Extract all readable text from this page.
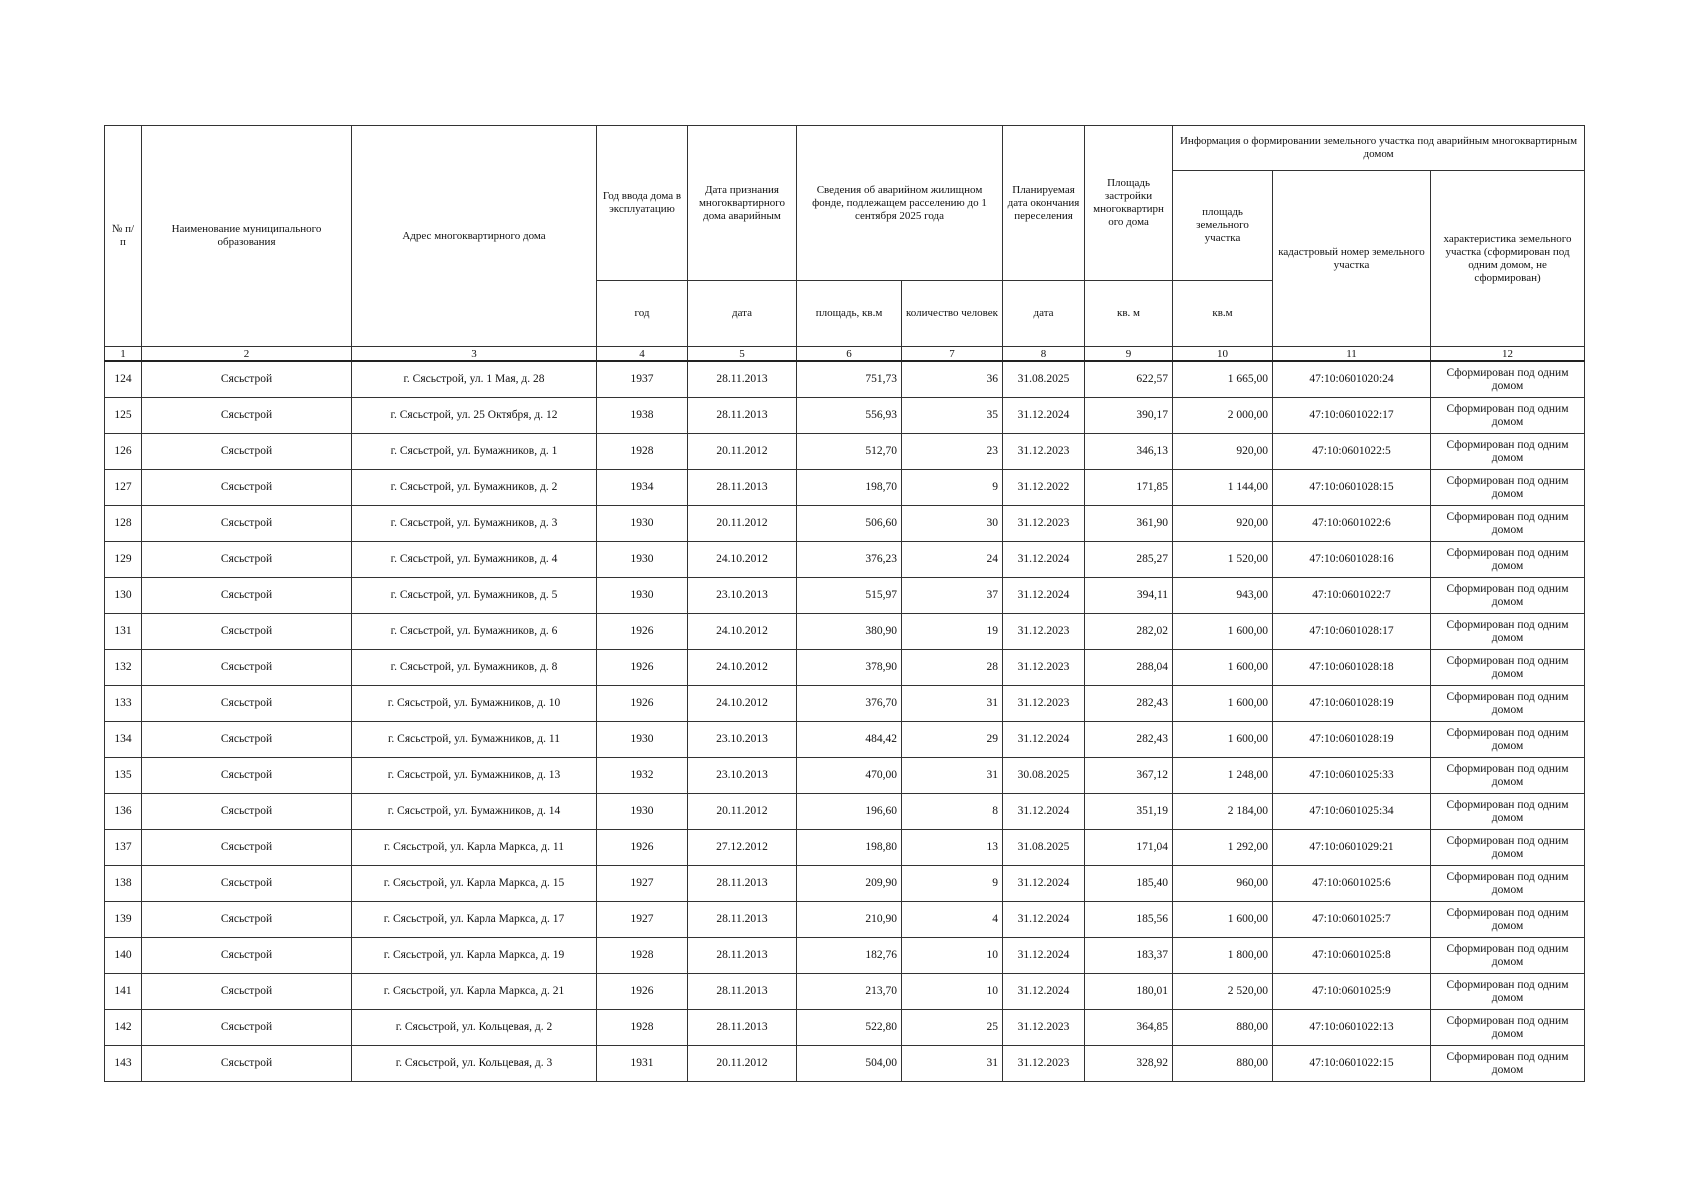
№ п/п	Наименование муниципального образования	Адрес многоквартирного дома	Год ввода дома в эксплуатацию	Дата признания многоквартирного дома аварийным	Сведения об аварийном жилищном фонде, подлежащем расселению до 1 сентября 2025 года		Планируемая дата окончания переселения	Площадь застройки многоквартирн ого дома	Информация о формировании земельного участка под аварийным многоквартирным домом		
									площадь земельного участка	кадастровый номер земельного участка	характеристика земельного участка (сформирован под одним домом, не сформирован)
			год	дата	площадь, кв.м	количество человек	дата	кв. м	кв.м		
1	2	3	4	5	6	7	8	9	10	11	12
124	Сясьстрой	г. Сясьстрой, ул. 1 Мая, д. 28	1937	28.11.2013	751,73	36	31.08.2025	622,57	1 665,00	47:10:0601020:24	Сформирован под одним домом
125	Сясьстрой	г. Сясьстрой, ул. 25 Октября, д. 12	1938	28.11.2013	556,93	35	31.12.2024	390,17	2 000,00	47:10:0601022:17	Сформирован под одним домом
126	Сясьстрой	г. Сясьстрой, ул. Бумажников, д. 1	1928	20.11.2012	512,70	23	31.12.2023	346,13	920,00	47:10:0601022:5	Сформирован под одним домом
127	Сясьстрой	г. Сясьстрой, ул. Бумажников, д. 2	1934	28.11.2013	198,70	9	31.12.2022	171,85	1 144,00	47:10:0601028:15	Сформирован под одним домом
128	Сясьстрой	г. Сясьстрой, ул. Бумажников, д. 3	1930	20.11.2012	506,60	30	31.12.2023	361,90	920,00	47:10:0601022:6	Сформирован под одним домом
129	Сясьстрой	г. Сясьстрой, ул. Бумажников, д. 4	1930	24.10.2012	376,23	24	31.12.2024	285,27	1 520,00	47:10:0601028:16	Сформирован под одним домом
130	Сясьстрой	г. Сясьстрой, ул. Бумажников, д. 5	1930	23.10.2013	515,97	37	31.12.2024	394,11	943,00	47:10:0601022:7	Сформирован под одним домом
131	Сясьстрой	г. Сясьстрой, ул. Бумажников, д. 6	1926	24.10.2012	380,90	19	31.12.2023	282,02	1 600,00	47:10:0601028:17	Сформирован под одним домом
132	Сясьстрой	г. Сясьстрой, ул. Бумажников, д. 8	1926	24.10.2012	378,90	28	31.12.2023	288,04	1 600,00	47:10:0601028:18	Сформирован под одним домом
133	Сясьстрой	г. Сясьстрой, ул. Бумажников, д. 10	1926	24.10.2012	376,70	31	31.12.2023	282,43	1 600,00	47:10:0601028:19	Сформирован под одним домом
134	Сясьстрой	г. Сясьстрой, ул. Бумажников, д. 11	1930	23.10.2013	484,42	29	31.12.2024	282,43	1 600,00	47:10:0601028:19	Сформирован под одним домом
135	Сясьстрой	г. Сясьстрой, ул. Бумажников, д. 13	1932	23.10.2013	470,00	31	30.08.2025	367,12	1 248,00	47:10:0601025:33	Сформирован под одним домом
136	Сясьстрой	г. Сясьстрой, ул. Бумажников, д. 14	1930	20.11.2012	196,60	8	31.12.2024	351,19	2 184,00	47:10:0601025:34	Сформирован под одним домом
137	Сясьстрой	г. Сясьстрой, ул. Карла Маркса, д. 11	1926	27.12.2012	198,80	13	31.08.2025	171,04	1 292,00	47:10:0601029:21	Сформирован под одним домом
138	Сясьстрой	г. Сясьстрой, ул. Карла Маркса, д. 15	1927	28.11.2013	209,90	9	31.12.2024	185,40	960,00	47:10:0601025:6	Сформирован под одним домом
139	Сясьстрой	г. Сясьстрой, ул. Карла Маркса, д. 17	1927	28.11.2013	210,90	4	31.12.2024	185,56	1 600,00	47:10:0601025:7	Сформирован под одним домом
140	Сясьстрой	г. Сясьстрой, ул. Карла Маркса, д. 19	1928	28.11.2013	182,76	10	31.12.2024	183,37	1 800,00	47:10:0601025:8	Сформирован под одним домом
141	Сясьстрой	г. Сясьстрой, ул. Карла Маркса, д. 21	1926	28.11.2013	213,70	10	31.12.2024	180,01	2 520,00	47:10:0601025:9	Сформирован под одним домом
142	Сясьстрой	г. Сясьстрой, ул. Кольцевая, д. 2	1928	28.11.2013	522,80	25	31.12.2023	364,85	880,00	47:10:0601022:13	Сформирован под одним домом
143	Сясьстрой	г. Сясьстрой, ул. Кольцевая, д. 3	1931	20.11.2012	504,00	31	31.12.2023	328,92	880,00	47:10:0601022:15	Сформирован под одним домом
